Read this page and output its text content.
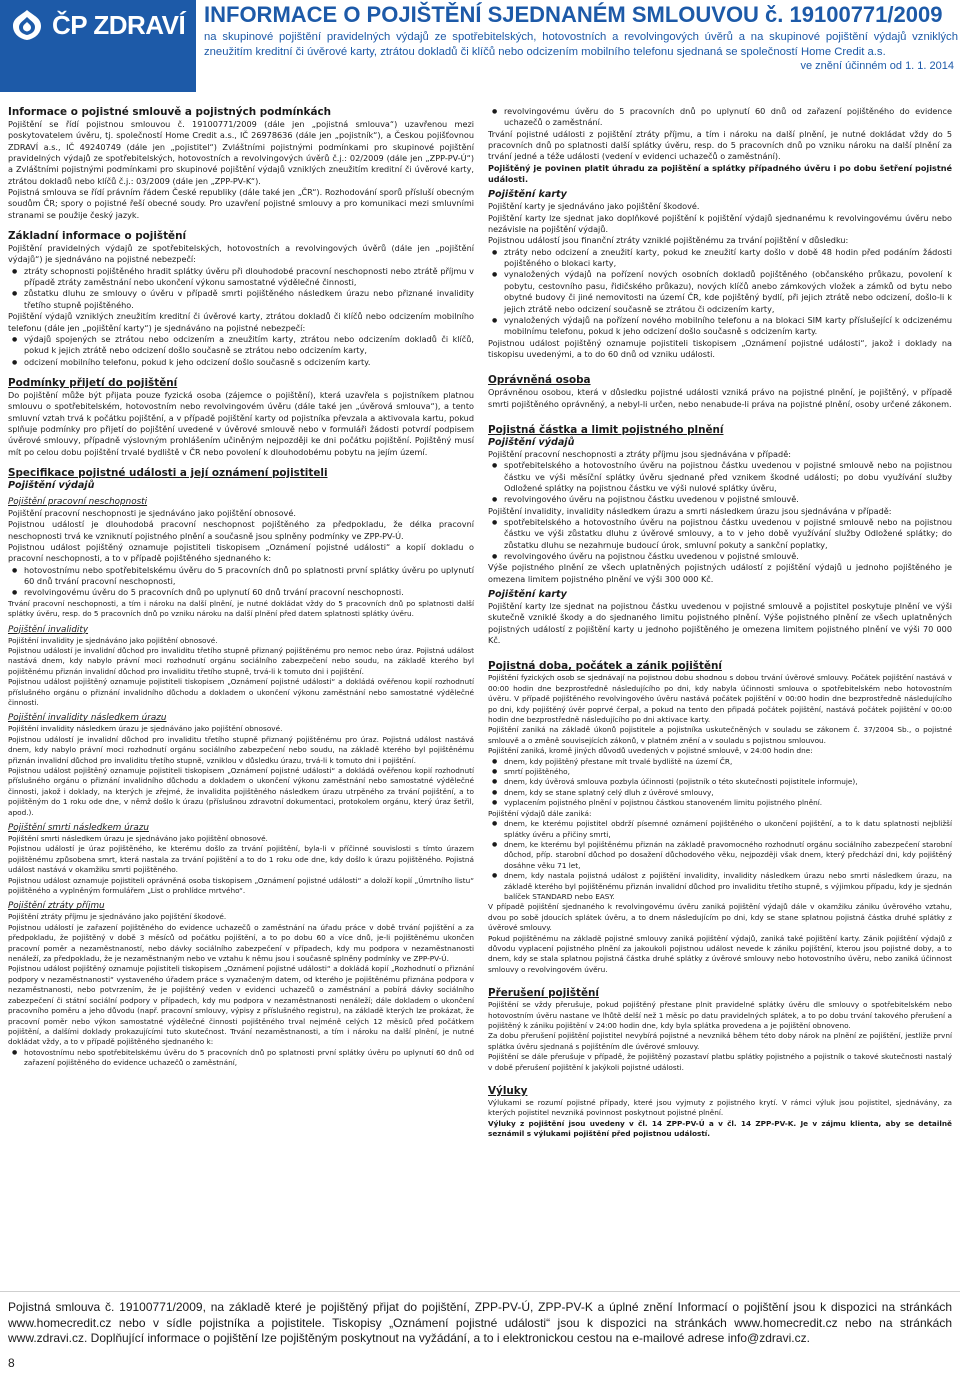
ČP ZDRAVÍ INFORMACE O POJIŠTĚNÍ SJEDNANÉM SMLOUVOU č. 19100771/2009
na skupinové pojištění pravidelných výdajů ze spotřebitelských, hotovostních a revolvingových úvěrů a na skupinové pojištění výdajů vzniklých zneužitím kreditní či úvěrové karty, ztrátou dokladů či klíčů nebo odcizením mobilního telefonu sjednaná se společností Home Credit a.s.
ve znění účinném od 1. 1. 2014
Informace o pojistné smlouvě a pojistných podmínkách

Pojištění se řídí pojistnou smlouvou č. 19100771/2009 (dále jen „pojistná smlouva“) uzavřenou mezi poskytovatelem úvěru, tj. společností Home Credit a.s., IČ 26978636 (dále jen „pojistník“), a Českou pojišťovnou ZDRAVÍ a.s., IČ 49240749 (dále jen „pojistitel“) Zvláštními pojistnými podmínkami pro skupinové pojištění pravidelných výdajů ze spotřebitelských, hotovostních a revolvingových úvěrů č.j.: 02/2009 (dále jen „ZPP-PV-Ú“) a Zvláštními pojistnými podmínkami pro skupinové pojištění výdajů vzniklých zneužitím kreditní či úvěrové karty, ztrátou dokladů nebo klíčů č.j.: 03/2009 (dále jen „ZPP-PV-K“).

Pojistná smlouva se řídí právním řádem České republiky (dále také jen „ČR“). Rozhodování sporů přísluší obecným soudům ČR; spory o pojistné řeší obecné soudy. Pro uzavření pojistné smlouvy a pro komunikaci mezi smluvními stranami se použije český jazyk.

Základní informace o pojištění

Pojištění pravidelných výdajů ze spotřebitelských, hotovostních a revolvingových úvěrů (dále jen „pojištění výdajů“) je sjednáváno na pojistné nebezpečí:

● ztráty schopnosti pojištěného hradit splátky úvěru při dlouhodobé pracovní neschopnosti nebo ztrátě příjmu v případě ztráty zaměstnání nebo ukončení výkonu samostatné výdělečné činnosti,
● zůstatku dluhu ze smlouvy o úvěru v případě smrti pojištěného následkem úrazu nebo přiznané invalidity třetího stupně pojištěného.

Pojištění výdajů vzniklých zneužitím kreditní či úvěrové karty, ztrátou dokladů či klíčů nebo odcizením mobilního telefonu (dále jen „pojištění karty“) je sjednáváno na pojistné nebezpečí:

● výdajů spojených se ztrátou nebo odcizením a zneužitím karty, ztrátou nebo odcizením dokladů či klíčů, pokud k jejich ztrátě nebo odcizení došlo současně se ztrátou nebo odcizením karty,
● odcizení mobilního telefonu, pokud k jeho odcizení došlo současně s odcizením karty.
Podmínky přijetí do pojištění

Do pojištění může být přijata pouze fyzická osoba (zájemce o pojištění), která uzavřela s pojistníkem platnou smlouvu o spotřebitelském, hotovostním nebo revolvingovém úvěru (dále také jen „úvěrová smlouva“), a tento smluvní vztah trvá k počátku pojištění, a v případě pojištění karty od pojistníka převzala a aktivovala kartu, pokud splňuje podmínky pro přijetí do pojištění uvedené v úvěrové smlouvě nebo v formuláři žádosti potvrdí podpisem úvěrové smlouvy, případně výslovným prohlášením učiněným nejpozději ke dni počátku pojištění. Pojištěný musí mít po celou dobu pojištění trvalé bydliště v ČR nebo povolení k dlouhodobému pobytu na jejím území.

Specifikace pojistné události a její oznámení pojistiteli
Pojištění výdajů
Pojištění pracovní neschopnosti

Pojištění pracovní neschopnosti je sjednáváno jako pojištění obnosové.

Pojistnou událostí je dlouhodobá pracovní neschopnost pojištěného za předpokladu, že délka pracovní neschopnosti trvá ke vzniknutí pojistného plnění a současně jsou splněny podmínky ve ZPP-PV-Ú.

Pojistnou událost pojištěný oznamuje pojistiteli tiskopisem „Oznámení pojistné události“ a kopií dokladu o pracovní neschopnosti, a to v případě pojištěného sjednaného k:

● hotovostnímu nebo spotřebitelskému úvěru do 5 pracovních dnů po splatnosti první splátky úvěru po uplynutí 60 dnů trvání pracovní neschopnosti,
● revolvingovému úvěru do 5 pracovních dnů po uplynutí 60 dnů trvání pracovní neschopnosti.

Trvání pracovní neschopnosti, a tím i nároku na další plnění, je nutné dokládat vždy do 5 pracovních dnů po splatnosti další splátky úvěru, resp. do 5 pracovních dnů po vzniku nároku na další plnění před datem splatnosti splátky úvěru.

Pojištění invalidity

Pojištění invalidity je sjednáváno jako pojištění obnosové.

Pojistnou událostí je invalidní důchod pro invaliditu třetího stupně přiznaný pojištěnému pro nemoc nebo úraz. Pojistná událost nastává dnem, kdy nabylo právní moci rozhodnutí orgánu sociálního zabezpečení nebo soudu, na základě kterého byl pojištěnému přiznán invalidní důchod pro invaliditu třetího stupně, trvá-li k tomuto dni i pojištění.

Pojistnou událost pojištěný oznamuje pojistiteli tiskopisem „Oznámení pojistné události“ a dokládá ověřenou kopií rozhodnutí příslušného orgánu o přiznání invalidního důchodu a dokladem o ukončení výkonu zaměstnání nebo samostatné výdělečné činnosti.

Pojištění invalidity následkem úrazu

Pojištění invalidity následkem úrazu je sjednáváno jako pojištění obnosové.

Pojistnou událostí je invalidní důchod pro invaliditu třetího stupně přiznaný pojištěnému pro úraz. Pojistná událost nastává dnem, kdy nabylo právní moci rozhodnutí orgánu sociálního zabezpečení nebo soudu, na základě kterého byl pojištěnému přiznán invalidní důchod pro invaliditu třetího stupně, vzniklou v důsledku úrazu, trvá-li k tomuto dni i pojištění.

Pojistnou událost pojištěný oznamuje pojistiteli tiskopisem „Oznámení pojistné události“ a dokládá ověřenou kopií rozhodnutí příslušného orgánu o přiznání invalidního důchodu a dokladem o ukončení výkonu zaměstnání nebo samostatné výdělečné činnosti, jakož i doklady, na kterých je zřejmé, že invalidita pojištěného následkem úrazu utrpěného za trvání pojištění, a to pojištěným do 1 roku ode dne, v němž došlo k úrazu (příslušnou zdravotní dokumentaci, protokolem orgánu, který úraz šetřil, apod.).

Pojištění smrti následkem úrazu

Pojištění smrti následkem úrazu je sjednáváno jako pojištění obnosové.

Pojistnou událostí je úraz pojištěného, ke kterému došlo za trvání pojištění, byla-li v příčinné souvislosti s tímto úrazem pojištěnému způsobena smrt, která nastala za trvání pojištění a to do 1 roku ode dne, kdy došlo k úrazu pojištěného. Pojistná událost nastává v okamžiku smrti pojištěného.

Pojistnou událost oznamuje pojistiteli oprávněná osoba tiskopisem „Oznámení pojistné události“ a doloží kopií „Úmrtního listu“ pojištěného a vyplněným formulářem „List o prohlídce mrtvého“.

Pojištění ztráty příjmu

Pojištění ztráty příjmu je sjednáváno jako pojištění škodové.

Pojistnou událostí je zařazení pojištěného do evidence uchazečů o zaměstnání na úřadu práce v době trvání pojištění a za předpokladu, že pojištěný v době 3 měsíců od počátku pojištění, a to po dobu 60 a více dnů, je-li pojištěnému ukončen pracovní poměr a nezaměstnaností, nebo dávky sociálního zabezpečení v případech, kdy mu podpora v nezaměstnanosti nenáleží, za předpokladu, že je nezaměstnaným nebo ve vztahu k němu jsou i současně splněny podmínky ve ZPP-PV-Ú.

Pojistnou událost pojištěný oznamuje pojistiteli tiskopisem „Oznámení pojistné události“ a dokládá kopií „Rozhodnutí o přiznání podpory v nezaměstnanosti“ vystaveného úřadem práce s vyznačeným datem, od kterého je pojištěnému přiznána podpora v nezaměstnanosti, nebo potvrzením, že je pojištěný veden v evidenci uchazečů o zaměstnání a pobírá dávky sociálního zabezpečení či státní sociální podpory v případech, kdy mu podpora v nezaměstnanosti nenáleží; dále dokladem o ukončení pracovního poměru a jeho důvodu (např. pracovní smlouvy, výpisy z příslušného registru), na základě kterých lze prokázat, že pracovní poměr nebo výkon samostatné výdělečné činnosti pojištěného trval nejméně celých 12 měsíců před počátkem pojištění, a dalšími doklady prokazujícími tuto skutečnost. Trvání nezaměstnanosti, a tím i nároku na další plnění, je nutné dokládat vždy, a to v případě pojištěného sjednaného k:

● hotovostnímu nebo spotřebitelskému úvěru do 5 pracovních dnů po splatnosti první splátky úvěru po uplynutí 60 dnů od zařazení pojištěného do evidence uchazečů o zaměstnání,
● revolvingovému úvěru do 5 pracovních dnů po uplynutí 60 dnů od zařazení pojištěného do evidence uchazečů o zaměstnání.

Trvání pojistné události z pojištění ztráty příjmu, a tím i nároku na další plnění, je nutné dokládat vždy do 5 pracovních dnů po splatnosti další splátky úvěru, resp. do 5 pracovních dnů po vzniku nároku na další plnění za trvání jedné a téže události (vedení v evidenci uchazečů o zaměstnání).

Pojištěný je povinen platit úhradu za pojištění a splátky případného úvěru i po dobu šetření pojistné události.

Pojištění karty

Pojištění karty je sjednáváno jako pojištění škodové.

Pojištění karty lze sjednat jako doplňkové pojištění k pojištění výdajů sjednanému k revolvingovému úvěru nebo nezávisle na pojištění výdajů.

Pojistnou událostí jsou finanční ztráty vzniklé pojištěnému za trvání pojištění v důsledku:

● ztráty nebo odcizení a zneužití karty, pokud ke zneužití karty došlo v době 48 hodin před podáním žádosti pojištěného o blokaci karty,
● vynaložených výdajů na pořízení nových osobních dokladů pojištěného (občanského průkazu, povolení k pobytu, cestovního pasu, řidičského průkazu), nových klíčů anebo zámkových vložek a zámků od bytu nebo obytné budovy či jiné nemovitosti na území ČR, kde pojištěný bydlí, při jejich ztrátě nebo odcizení, došlo-li k jejich ztrátě nebo odcizení současně se ztrátou či odcizením karty,
● vynaložených výdajů na pořízení nového mobilního telefonu a na blokaci SIM karty příslušející k odcizenému mobilnímu telefonu, pokud k jeho odcizení došlo současně s odcizením karty.

Pojistnou událost pojištěný oznamuje pojistiteli tiskopisem „Oznámení pojistné události“, jakož i doklady na tiskopisu uvedenými, a to do 60 dnů od vzniku události.

Oprávněná osoba

Oprávněnou osobou, která v důsledku pojistné události vzniká právo na pojistné plnění, je pojištěný, v případě smrti pojištěného oprávněný, a nebyl-li určen, nebo nenabude-li práva na pojistné plnění, osoby určené zákonem.

Pojistná částka a limit pojistného plnění
Pojištění výdajů

Pojištění pracovní neschopnosti a ztráty příjmu jsou sjednávána v případě:

● spotřebitelského a hotovostního úvěru na pojistnou částku uvedenou v pojistné smlouvě nebo na pojistnou částku ve výši měsíční splátky úvěru sjednané před vznikem škodné události; po dobu využívání služby Odložené splátky na pojistnou částku ve výši nulové splátky úvěru,
● revolvingového úvěru na pojistnou částku uvedenou v pojistné smlouvě.

Pojištění invalidity, invalidity následkem úrazu a smrti následkem úrazu jsou sjednávána v případě:

● spotřebitelského a hotovostního úvěru na pojistnou částku uvedenou v pojistné smlouvě nebo na pojistnou částku ve výši zůstatku dluhu z úvěrové smlouvy, a to v jeho době využívání služby Odložené splátky; do zůstatku dluhu se nezahrnuje budoucí úrok, smluvní pokuty a sankční poplatky,
● revolvingového úvěru na pojistnou částku uvedenou v pojistné smlouvě.

Výše pojistného plnění ze všech uplatněných pojistných událostí z pojištění výdajů u jednoho pojištěného je omezena limitem pojistného plnění ve výši 300 000 Kč.

Pojištění karty

Pojištění karty lze sjednat na pojistnou částku uvedenou v pojistné smlouvě a pojistitel poskytuje plnění ve výši skutečně vzniklé škody a do sjednaného limitu pojistného plnění. Výše pojistného plnění ze všech uplatněných pojistných událostí z pojištění karty u jednoho pojištěného je omezena limitem pojistného plnění ve výši 70 000 Kč.

Pojistná doba, počátek a zánik pojištění

Pojištění fyzických osob se sjednávají na pojistnou dobu shodnou s dobou trvání úvěrové smlouvy. Počátek pojištění nastává v 00:00 hodin dne bezprostředně následujícího po dni, kdy nabyla účinnosti smlouva o spotřebitelském nebo hotovostním úvěru. V případě pojištěného revolvingového úvěru nastává počátek pojištění v 00:00 hodin dne bezprostředně následujícího po dni, kdy pojištěný úvěr poprvé čerpal, a pokud na tento den připadá počátek pojištění, nastává počátek pojištění v 00:00 hodin dne bezprostředně následujícího po dni aktivace karty.

Pojištění zaniká na základě úkonů pojistitele a pojistníka uskutečněných v souladu se zákonem č. 37/2004 Sb., o pojistné smlouvě a o změně souvisejících zákonů, v platném znění a v souladu s pojistnou smlouvou.

Pojištění zaniká, kromě jiných důvodů uvedených v pojistné smlouvě, v 24:00 hodin dne:

● dnem, kdy pojištěný přestane mít trvalé bydliště na území ČR,
● smrtí pojištěného,
● dnem, kdy úvěrová smlouva pozbyla účinnosti (pojistník o této skutečnosti pojistitele informuje),
● dnem, kdy se stane splatný celý dluh z úvěrové smlouvy,
● vyplacením pojistného plnění v pojistnou částkou stanoveném limitu pojistného plnění.

Pojištění výdajů dále zaniká:

● dnem, ke kterému pojistitel obdrží písemné oznámení pojištěného o ukončení pojištění, a to k datu splatnosti nejbližší splátky úvěru a přičiny smrti,
● dnem, ke kterému byl pojištěnému přiznán na základě pravomocného rozhodnutí orgánu sociálního zabezpečení starobní důchod, příp. starobní důchod po dosažení důchodového věku, nejpozději však dnem, který předchází dni, kdy pojištěný dosáhne věku 71 let,
● dnem, kdy nastala pojistná událost z pojištění invalidity, invalidity následkem úrazu nebo smrti následkem úrazu, na základě kterého byl pojištěnému přiznán invalidní důchod pro invaliditu třetího stupně, s výjimkou případu, kdy je sjednán balíček STANDARD nebo EASY.

V případě pojištění sjednaného k revolvingovému úvěru zaniká pojištění výdajů dále v okamžiku zániku úvěrového vztahu, dvou po sobě jdoucích splátek úvěru, a to dnem následujícím po dni, kdy se stane splatnou pojistná částka druhé splátky z úvěrové smlouvy.

Pokud pojištěnému na základě pojistné smlouvy zaniká pojištění výdajů, zaniká také pojištění karty. Zánik pojištění výdajů z důvodu vyplacení pojistného plnění za jakoukoli pojistnou událost nevede k zániku pojištění, kterou jsou pojistné doby, a to dnem, kdy se stala splatnou pojistná částka druhé splátky z úvěrové smlouvy nebo hotovostního úvěru, nebo zaniká účinnost smlouvy o revolvingovém úvěru.

Přerušení pojištění

Pojištění se vždy přerušuje, pokud pojištěný přestane plnit pravidelné splátky úvěru dle smlouvy o spotřebitelském nebo hotovostním úvěru nastane ve lhůtě delší než 1 měsíc po datu pravidelných splátek, a to po dobu trvání takového přerušení a pojištěný k zániku pojištění v 24:00 hodin dne, kdy byla splátka provedena a je pojištění obnoveno.

Za dobu přerušení pojištění pojistitel nevybírá pojistné a nevzniká během této doby nárok na plnění ze pojištění, jestliže první splátka úvěru sjednaná s pojištěním dle úvěrové smlouvy.

Pojištění se dále přerušuje v případě, že pojištěný pozastaví platbu splátky pojistného a pojistník o takové skutečnosti nastalý v době přerušení pojištění k jakýkoli pojistné události.

Výluky

Výlukami se rozumí pojistné případy, které jsou vyjmuty z pojistného krytí. V rámci výluk jsou pojistitel, sjednávány, za kterých pojistitel nevzniká povinnost poskytnout pojistné plnění.

Výluky z pojištění jsou uvedeny v čl. 14 ZPP-PV-Ú a v čl. 14 ZPP-PV-K. Je v zájmu klienta, aby se detailně seznámil s výlukami pojištění před pojistnou událostí.

Pojistná smlouva č. 19100771/2009, na základě které je pojištěný přijat do pojištění, ZPP-PV-Ú, ZPP-PV-K a úplné znění Informací o pojištění jsou k dispozici na stránkách www.homecredit.cz nebo v sídle pojistníka a pojistitele. Tiskopisy „Oznámení pojistné události“ jsou k dispozici na stránkách www.homecredit.cz nebo na stránkách www.zdravi.cz. Doplňující informace o pojištění lze pojištěným poskytnout na vyžádání, a to i elektronickou cestou na e-mailové adrese info@zdravi.cz.
8
